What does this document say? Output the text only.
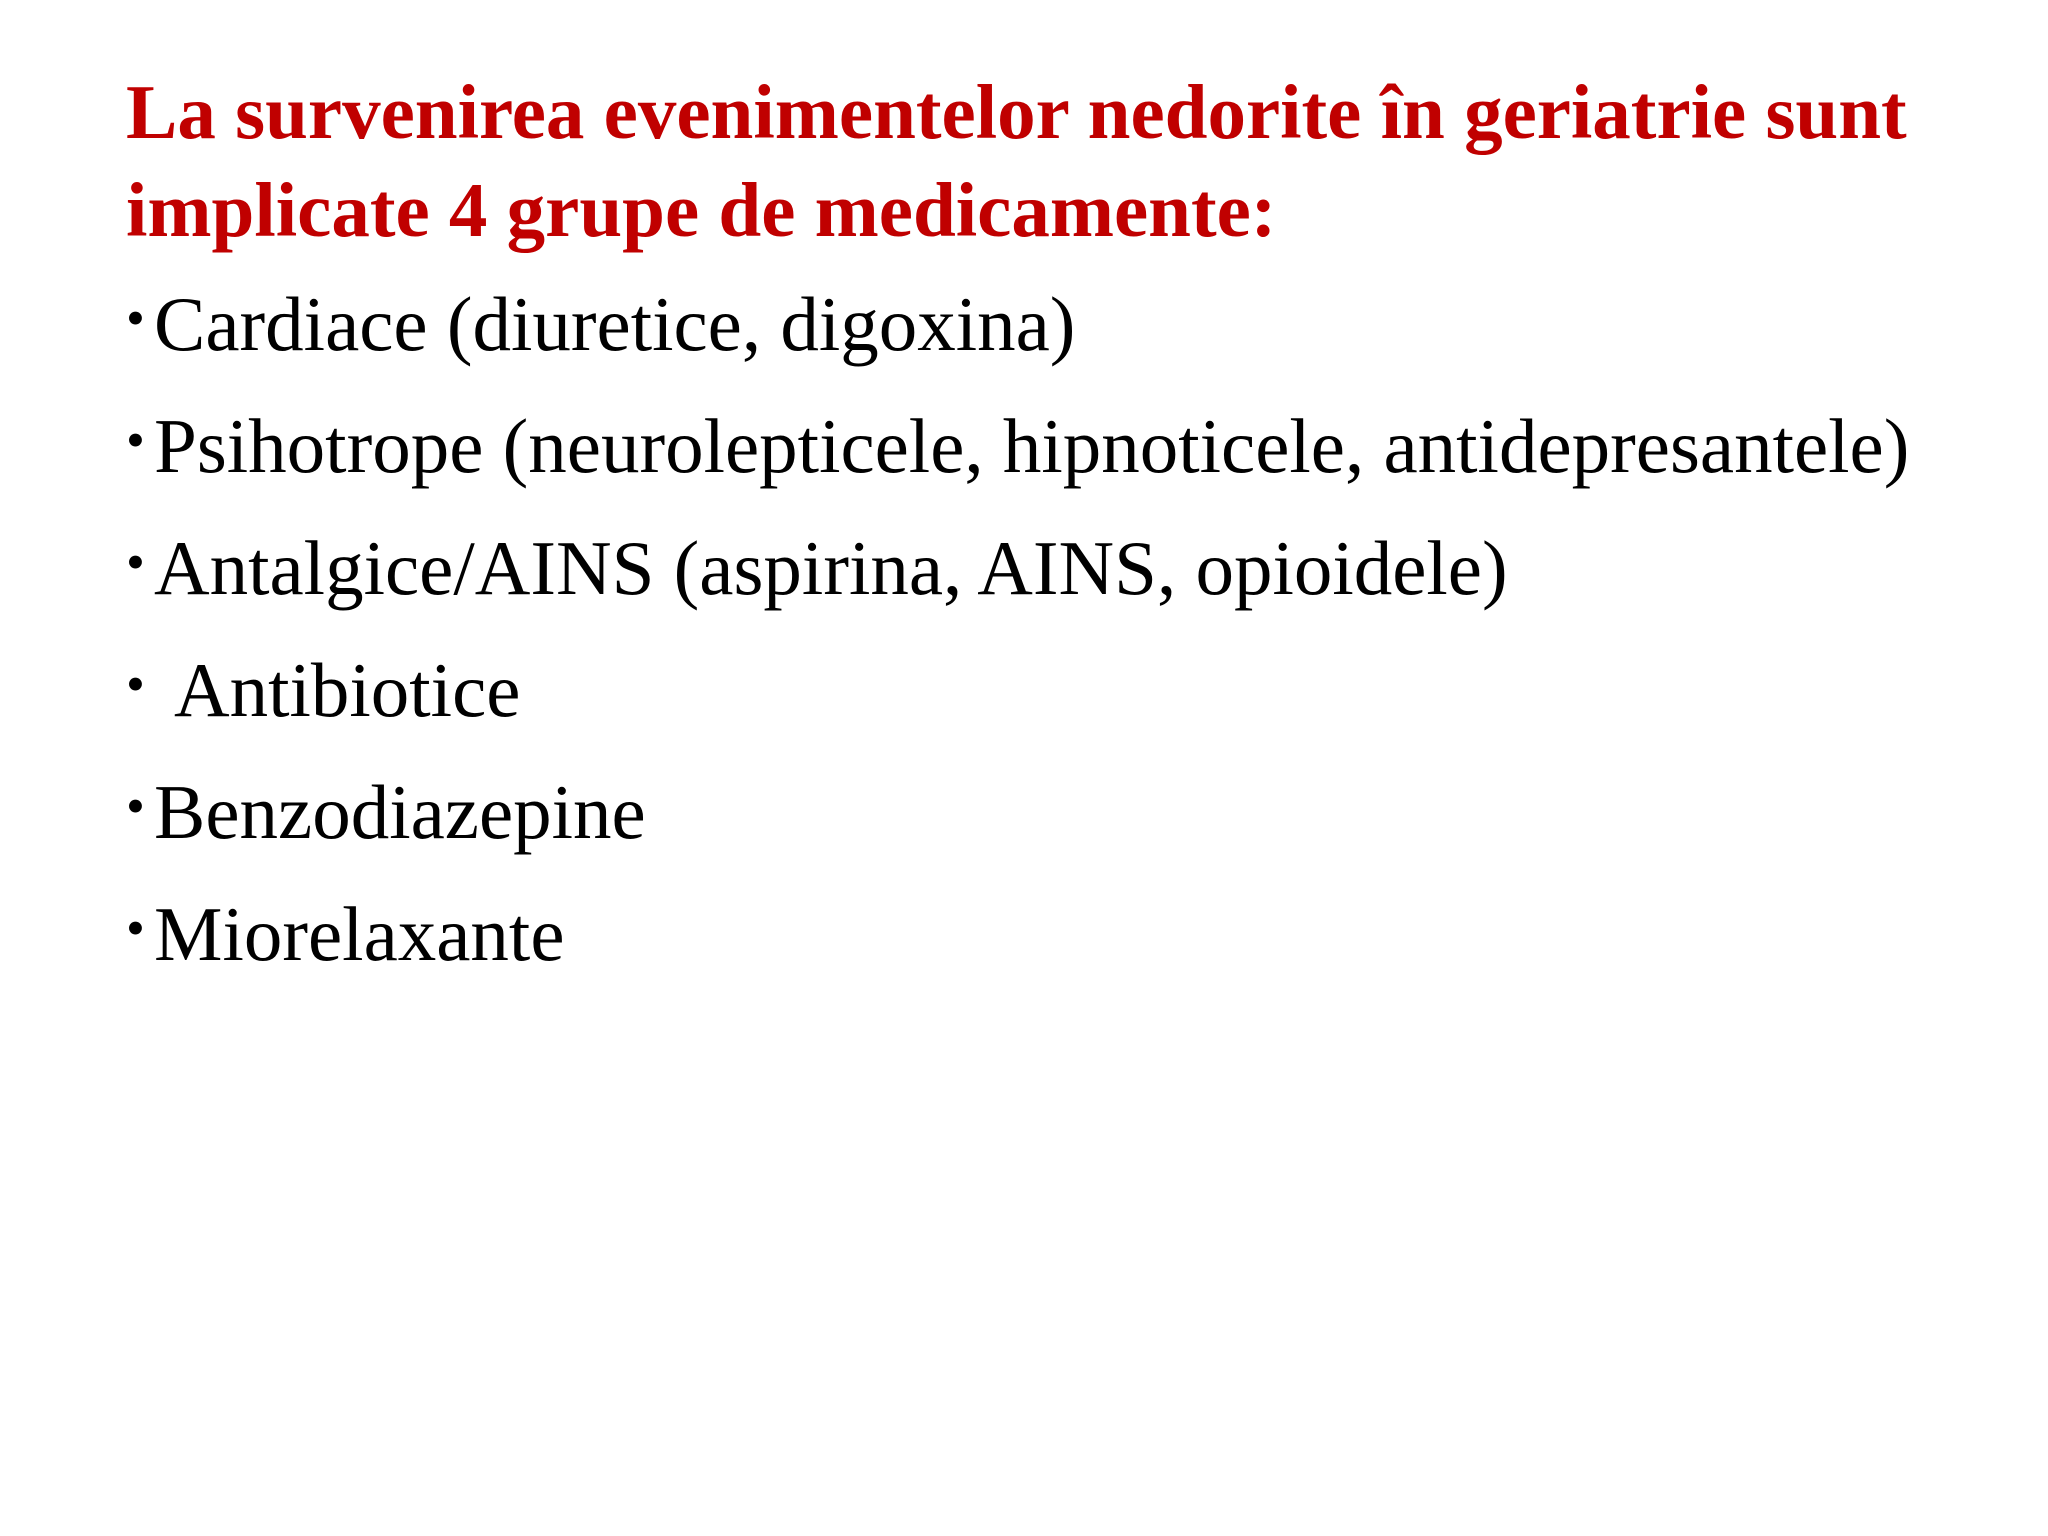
La survenirea evenimentelor nedorite în geriatrie sunt implicate 4 grupe de medicamente:
• Cardiace (diuretice, digoxina)
• Psihotrope (neurolepticele, hipnoticele, antidepresantele)
• Antalgice/AINS (aspirina, AINS, opioidele)
• Antibiotice
• Benzodiazepine
• Miorelaxante
